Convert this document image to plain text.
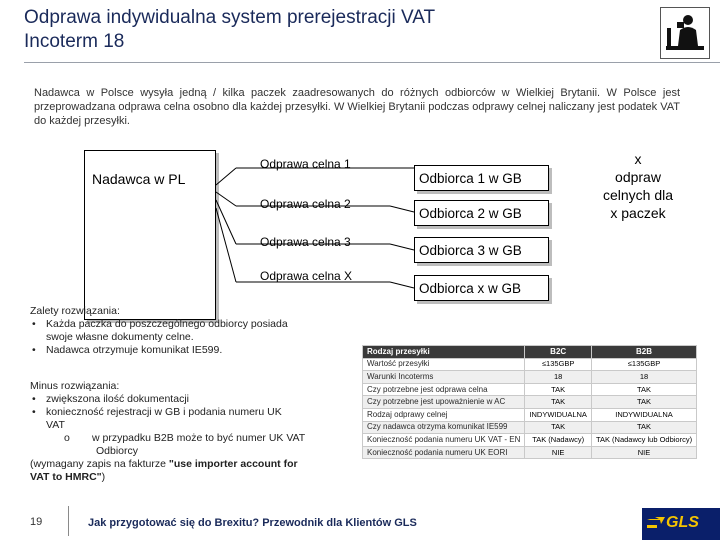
Odprawa indywidualna system prerejestracji VAT
Incoterm 18
Nadawca w Polsce wysyła jedną / kilka paczek zaadresowanych do różnych odbiorców w Wielkiej Brytanii. W Polsce jest przeprowadzana odprawa celna osobno dla każdej przesyłki. W Wielkiej Brytanii podczas odprawy celnej naliczany jest podatek VAT do każdej przesyłki.
Nadawca w PL
Odprawa celna 1
Odprawa celna 2
Odprawa celna 3
Odprawa celna X
Odbiorca 1 w GB
Odbiorca 2 w GB
Odbiorca 3 w GB
Odbiorca x w GB
x
odpraw
celnych dla
x paczek
Zalety rozwiązania:
• Każda paczka do poszczególnego odbiorcy posiada
swoje własne dokumenty celne.
• Nadawca otrzymuje komunikat IE599.
Minus rozwiązania:
• zwiększona ilość dokumentacji
• konieczność rejestracji w GB i podania numeru UK
VAT
o w przypadku B2B może to być numer UK VAT
Odbiorcy
(wymagany zapis na fakturze "use importer account for
VAT to HMRC")
Rodzaj przesyłki	B2C	B2B
Wartość przesyłki	≤135GBP	≤135GBP
Warunki Incoterms	18	18
Czy potrzebne jest odprawa celna	TAK	TAK
Czy potrzebne jest upoważnienie w AC	TAK	TAK
Rodzaj odprawy celnej	INDYWIDUALNA	INDYWIDUALNA
Czy nadawca otrzyma komunikat IE599	TAK	TAK
Konieczność podania numeru UK VAT - EN	TAK (Nadawcy)	TAK (Nadawcy lub Odbiorcy)
Konieczność podania numeru UK EORI	NIE	NIE
19	Jak przygotować się do Brexitu? Przewodnik dla Klientów GLS	GLS
